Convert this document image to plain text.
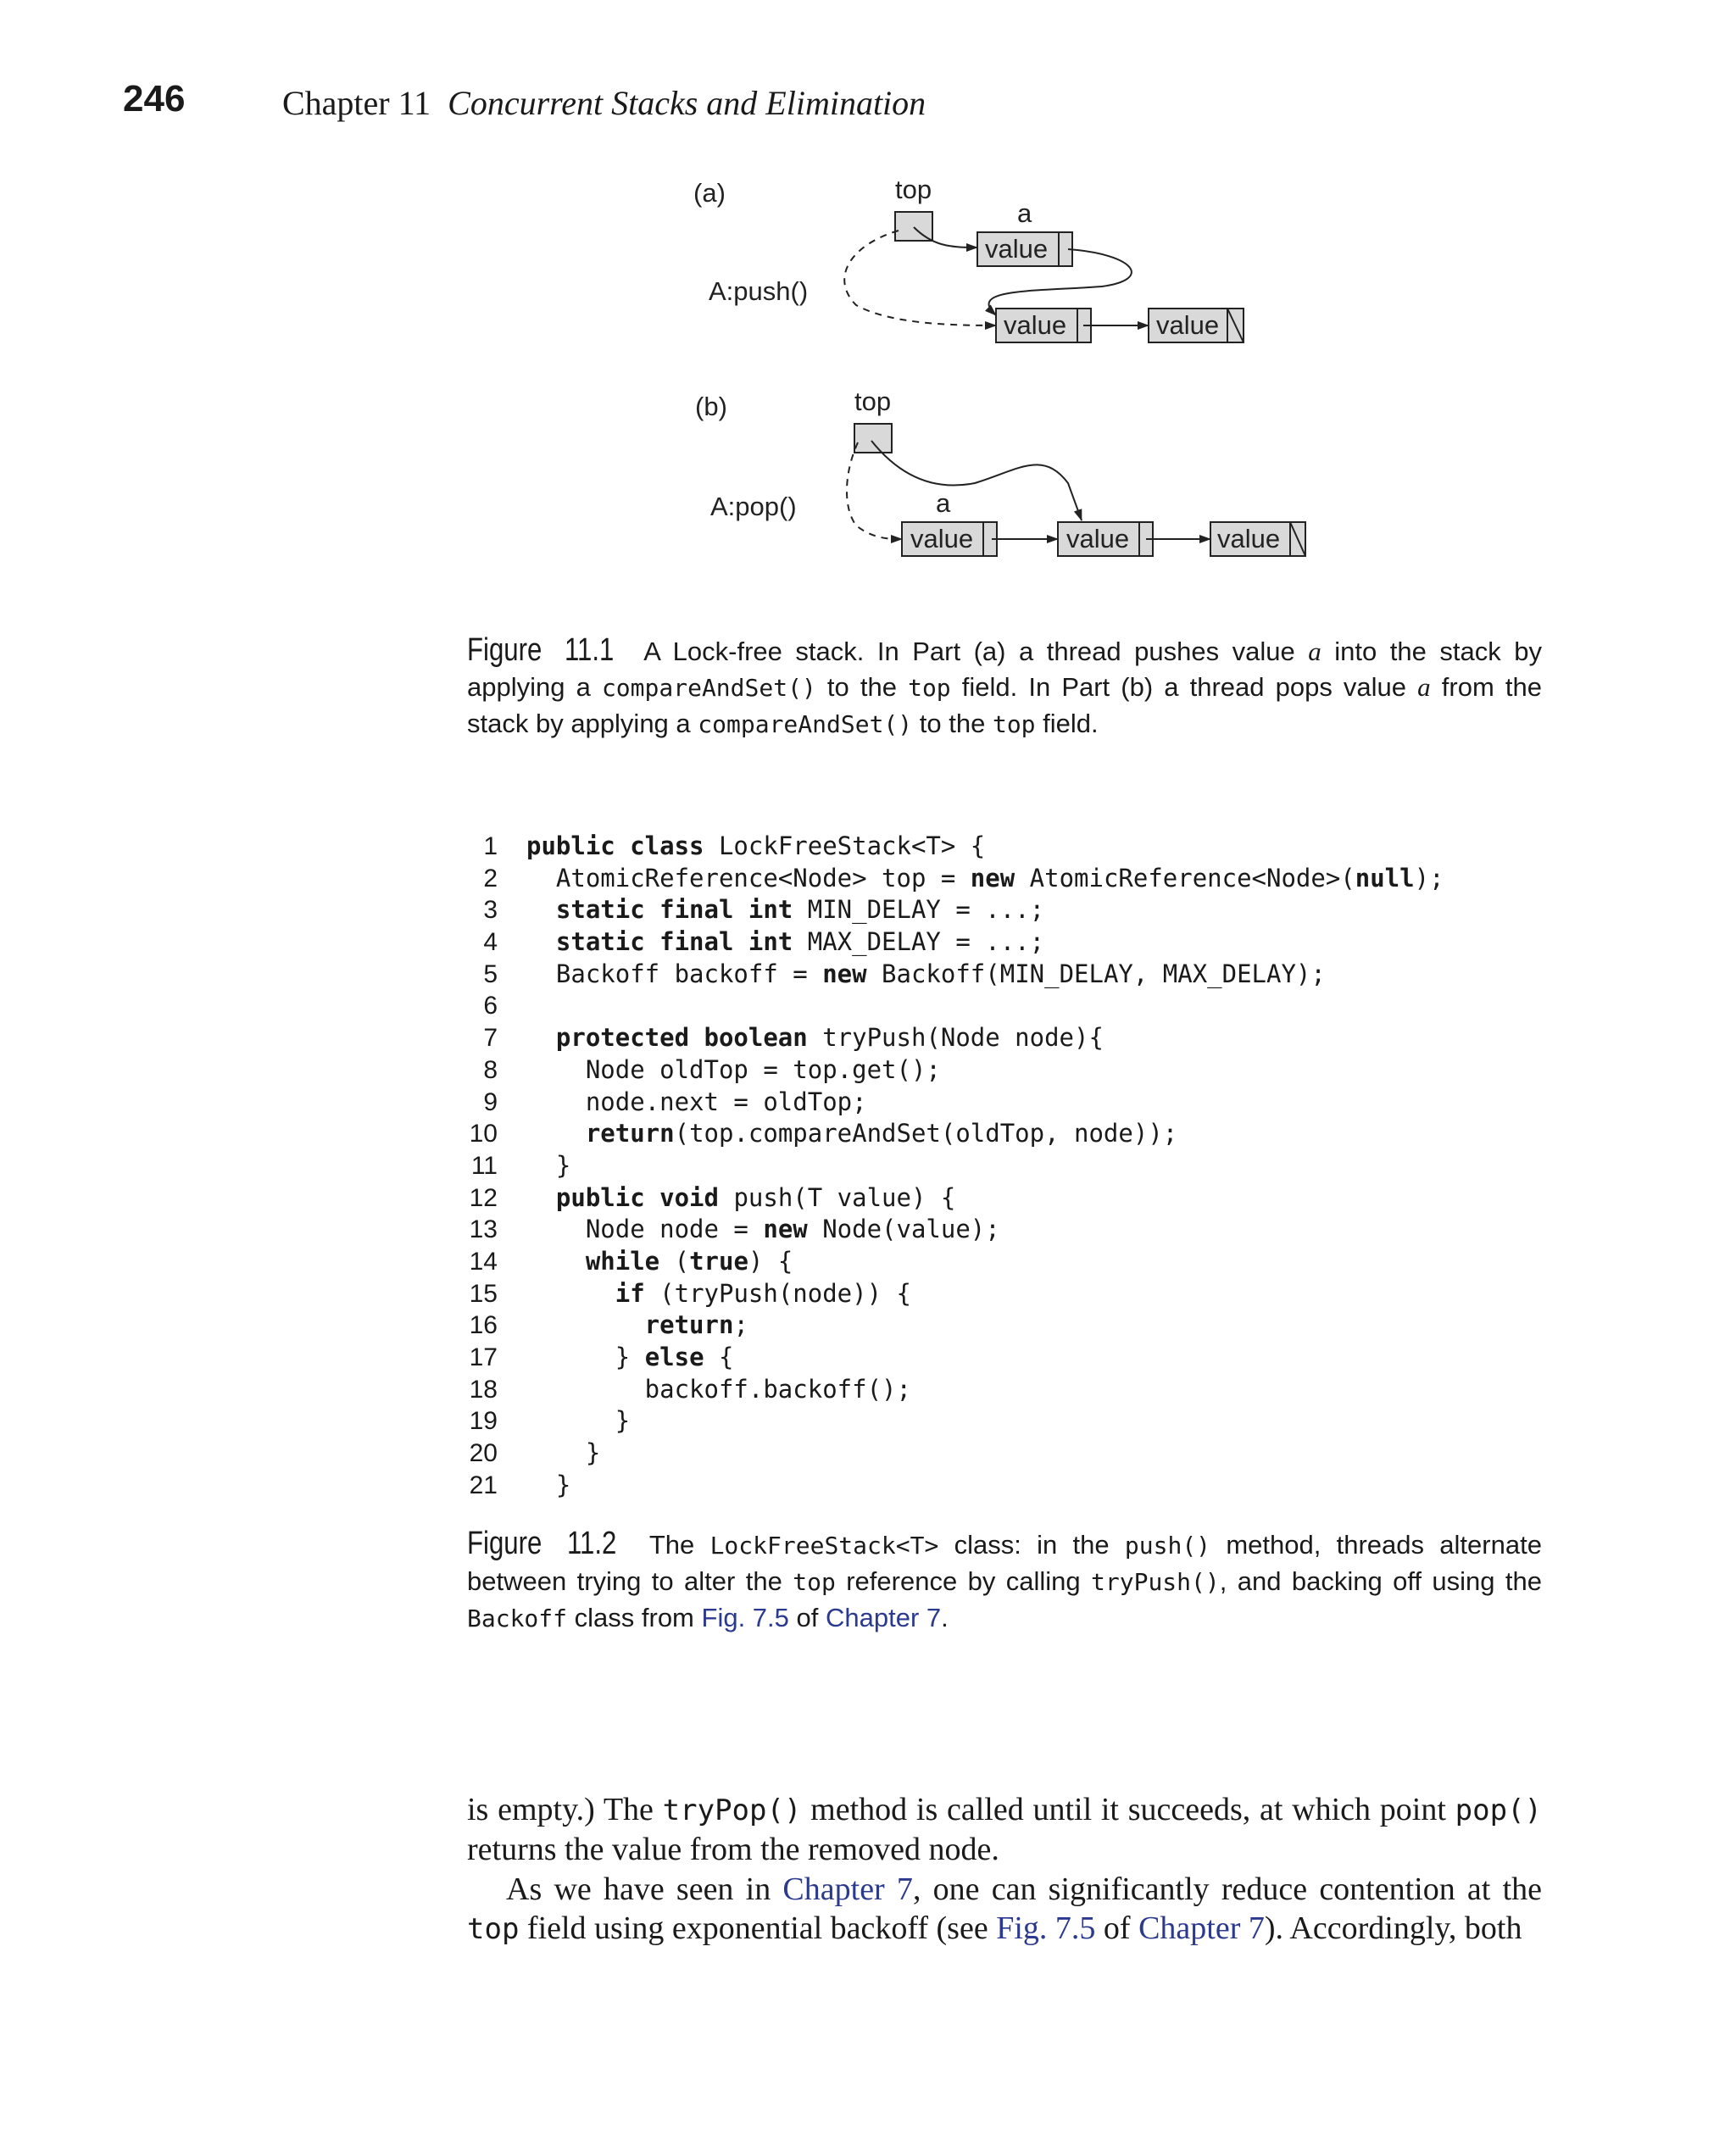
246	Chapter 11 Concurrent Stacks and Elimination
(a)	top
a
A:push()
value
value	value
(b)	top
A:pop()	a
value	value	value
Figure 11.1 A Lock-free stack. In Part (a) a thread pushes value a into the stack by applying a compareAndSet() to the top field. In Part (b) a thread pops value a from the stack by applying a compareAndSet() to the top field.
1 public class LockFreeStack<T> {
2 AtomicReference<Node> top = new AtomicReference<Node>(null);
3 static final int MIN_DELAY = ...;
4 static final int MAX_DELAY = ...;
5 Backoff backoff = new Backoff(MIN_DELAY, MAX_DELAY);
6
7 protected boolean tryPush(Node node){
8 Node oldTop = top.get();
9 node.next = oldTop;
10 return(top.compareAndSet(oldTop, node));
11 }
12 public void push(T value) {
13 Node node = new Node(value);
14 while (true) {
15 if (tryPush(node)) {
16 return;
17 } else {
18 backoff.backoff();
19 }
20 }
21 }
Figure 11.2 The LockFreeStack<T> class: in the push() method, threads alternate between trying to alter the top reference by calling tryPush(), and backing off using the Backoff class from Fig. 7.5 of Chapter 7.
is empty.) The tryPop() method is called until it succeeds, at which point pop() returns the value from the removed node.
As we have seen in Chapter 7, one can significantly reduce contention at the top field using exponential backoff (see Fig. 7.5 of Chapter 7). Accordingly, both
